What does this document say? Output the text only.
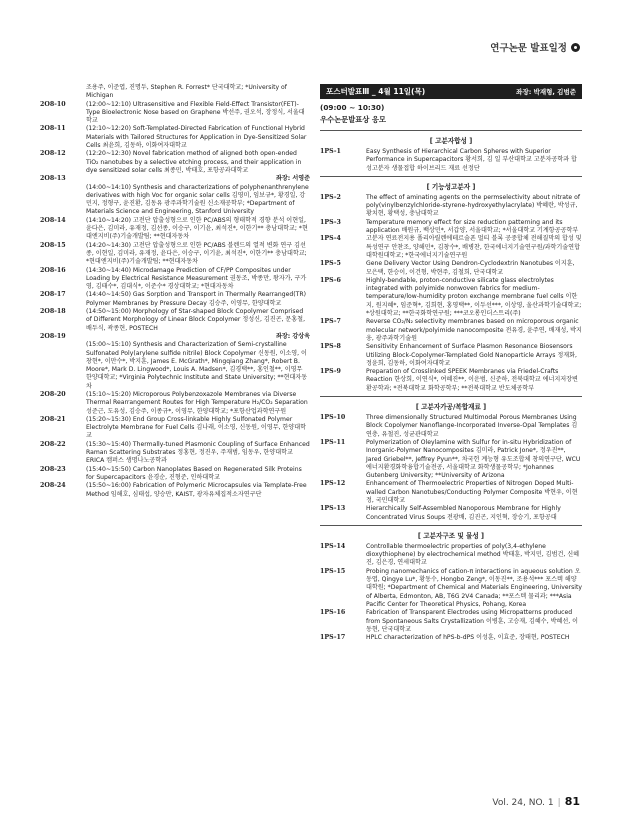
연구논문 발표일정
조용주, 이준엽, 진명두, Stephen R. Forrest* 단국대학교; *University of Michigan
2O8-10	(12:00~12:10) Ultrasensitive and Flexible Field-Effect Transistor(FET)-Type Bioelectronic Nose based on Graphene 박선주, 권오석, 장정식, 서울대학교
2O8-11	(12:10~12:20) Soft-Templated-Directed Fabrication of Functional Hybrid Materials with Tailored Structures for Application in Dye-Sensitized Solar Cells 최윤희, 김동하, 이화여자대학교
2O8-12	(12:20~12:30) Novel fabrication method of aligned both open-ended TiO₂ nanotubes by a selective etching process, and their application in dye sensitized solar cells 최종민, 박태호, 포항공과대학교
2O8-13	좌장: 서영준
(14:00~14:10) Synthesis and characterizations of polyphenanthrenylene derivatives with high Voc for organic solar cells 김영미, 임보규*, 황경일, 강민지, 정형구, 윤진환, 김동유 광주과학기술원 신소재공학부; *Department of Materials Science and Engineering, Stanford University
2O8-14	(14:10~14:20) 고전단 압출성형으로 인한 PC/ABS의 형태학적 경향 분석 이현일, 윤다은, 김미라, 유재정, 김선종, 이승구, 이기윤, 최석진*, 이한기** 충남대학교; *현대엔지비(주)기술개발팀; **현대자동차
2O8-15	(14:20~14:30) 고전단 압출성형으로 인한 PC/ABS 블렌드의 열적 변화 연구 김선종, 이현일, 김미라, 유재정, 윤다은, 이승구, 이기윤, 최석진*, 이한기** 충남대학교; *현대엔지비(주)기술개발팀; **현대자동차
2O8-16	(14:30~14:40) Microdamage Prediction of CF/PP Composites under Loading by Electrical Resistance Measurement 권동조, 박종만, 왕자가, 구가영, 김태수*, 김대식*, 이준수* 경상대학교; *현대자동차
2O8-17	(14:40~14:50) Gas Sorption and Transport in Thermally Rearranged(TR) Polymer Membranes by Pressure Decay 김승주, 이영무, 한양대학교
2O8-18	(14:50~15:00) Morphology of Star-shaped Block Copolymer Comprised of Different Morphology of Linear Block Copolymer 정성신, 김진곤, 문홍철, 배두식, 곽종현, POSTECH
2O8-19	좌장: 강상욱
(15:00~15:10) Synthesis and Characterization of Semi-crystalline Sulfonated Poly(arylene sulfide nitrile) Block Copolymer 신동원, 이소영, 이창현*, 이만수*, 박지훈, James E. McGrath*, Mingqiang Zhang*, Robert B. Moore*, Mark D. Lingwood*, Louis A. Madsen*, 김경택**, 홍인철**, 이영무 한양대학교; *Virginia Polytechnic Institute and State University; **현대자동차
2O8-20	(15:10~15:20) Microporous Polybenzoxazole Membranes via Diverse Thermal Rearrangement Routes for High Temperature H₂/CO₂ Separation 성준근, 도유성, 김승주, 이종규*, 이영무, 한양대학교; *포항산업과학연구원
2O8-21	(15:20~15:30) End Group Cross-linkable Highly Sulfonated Polymer Electrolyte Membrane for Fuel Cells 김나래, 이소영, 신동원, 이영무, 한양대학교
2O8-22	(15:30~15:40) Thermally-tuned Plasmonic Coupling of Surface Enhanced Raman Scattering Substrates 정홍현, 정진우, 주재범, 임동우, 한양대학교 ERICA 캠퍼스 생명나노공학과
2O8-23	(15:40~15:50) Carbon Nanoplates Based on Regenerated Silk Proteins for Supercapacitors 윤경순, 진형준, 인하대학교
2O8-24	(15:50~16:00) Fabrication of Polymeric Microcapsules via Template-Free Method 임해호, 심태섭, 양승만, KAIST, 광자유체집적소자연구단
포스터발표Ⅲ _ 4월 11일(목)	좌장: 박재형, 김범준
(09:00 ~ 10:30)
우수논문발표상 응모
[ 고분자합성 ]
1PS-1	Easy Synthesis of Hierarchical Carbon Spheres with Superior Performance in Supercapacitors 황서희, 김 일 부산대학교 고분자공학과 합성고분자 생물접합 하이브리드 재료 선정단
[ 기능성고분자 ]
1PS-2	The effect of aminating agents on the permselectivity about nitrate of poly(vinylbenzylchloride-styrene-hydroxyethylacrylate) 박혜란, 박성규, 황치현, 황택성, 충남대학교
1PS-3	Temperature memory effect for size reduction patterning and its application 배원규, 백상민*, 서갑양, 서울대학교; *서울대학교 기계항공공학부
1PS-4	고분자 연료전지용 폴리아릴렌에테르술폰 멀티 블록 공중합체 전해질막의 합성 및 특성연구 안찬조, 양해민*, 김창수*, 배병찬, 한국에너지기술연구원/과학기술연합대학원대학교; *한국에너지기술연구원
1PS-5	Gene Delivery Vector Using Dendron-Cyclodextrin Nanotubes 이지훈, 모은택, 한승이, 이건형, 박현주, 김철희, 단국대학교
1PS-6	Highly-bendable, proton-conductive silicate glass electrolytes integrated with polyimide nonwoven fabrics for medium-temperature/low-humidity proton exchange membrane fuel cells 이한지, 원지혜*, 임준혁*, 김희현, 홍영택**, 이두선***, 이상영, 울산과학기술대학교; *상원대학교; **한국화학연구원; ***코오롱인더스트리(주)
1PS-7	Reverse CO₂/N₂ selectivity membranes based on microporous organic molecular network/polyimide nanocomposite 전유경, 윤주연, 배재성, 박지웅, 광주과학기술원
1PS-8	Sensitivity Enhancement of Surface Plasmon Resonance Biosensors Utilizing Block-Copolymer-Templated Gold Nanoparticle Arrays 정재화, 정윤희, 김동하, 이화여자대학교
1PS-9	Preparation of Crosslinked SPEEK Membranes via Friedel-Crafts Reaction 한상희, 이연식*, 여혜진**, 이운범, 신준하, 전북대학교 에너지저장변환공학과; *전북대학교 화학공학부; **전북대학교 반도체공학부
[ 고분자가공/복합재료 ]
1PS-10	Three dimensionally Structured Multimodal Porous Membranes Using Block Copolymer Nanoflange-Incorporated Inverse-Opal Templates 김연충, 유철진, 성균관대학교
1PS-11	Polymerization of Oleylamine with Sulfur for in-situ Hybridization of Inorganic-Polymer Nanocomposites 김미라, Patrick Jone*, 정우진**, Jared Griebel**, Jeffrey Pyun**, 차국헌 계능형 유도조합체 창의연구단, WCU 에너지환경화학융합기술전공, 서울대학교 화학생물공학부; *Johannes Gutenberg University; **University of Arizona
1PS-12	Enhancement of Thermoelectric Properties of Nitrogen Doped Multi-walled Carbon Nanotubes/Conducting Polymer Composite 박현우, 이현정, 국민대학교
1PS-13	Hierarchically Self-Assembled Nanoporous Membrane for Highly Concentrated Virus Soups 전광배, 김진곤, 지인혁, 장승기, 포항공대
[ 고분자구조 및 물성 ]
1PS-14	Controllable thermoelectric properties of poly(3,4-ethylene dioxythiophene) by electrochemical method 박태훈, 박지민, 김범건, 신혜진, 김은경, 연세대학교
1PS-15	Probing nanomechanics of cation-π interactions in aqueous solution 오동엽, Qingye Lu*, 황동수, Hongbo Zeng*, 이동진**, 조용석*** 포스텍 해양대학원; *Department of Chemical and Materials Engineering, University of Alberta, Edmonton, AB, T6G 2V4 Canada; **포스텍 물리과; ***Asia Pacific Center for Theoretical Physics, Pohang, Korea
1PS-16	Fabrication of Transparent Electrodes using Micropatterns produced from Spontaneous Salts Crystallization 이병훈, 고승재, 김혜수, 박혜선, 이동현, 단국대학교
1PS-17	HPLC characterization of hPS-b-dPS 이성훈, 이효준, 장태현, POSTECH
Vol. 24, NO. 1 | 81
